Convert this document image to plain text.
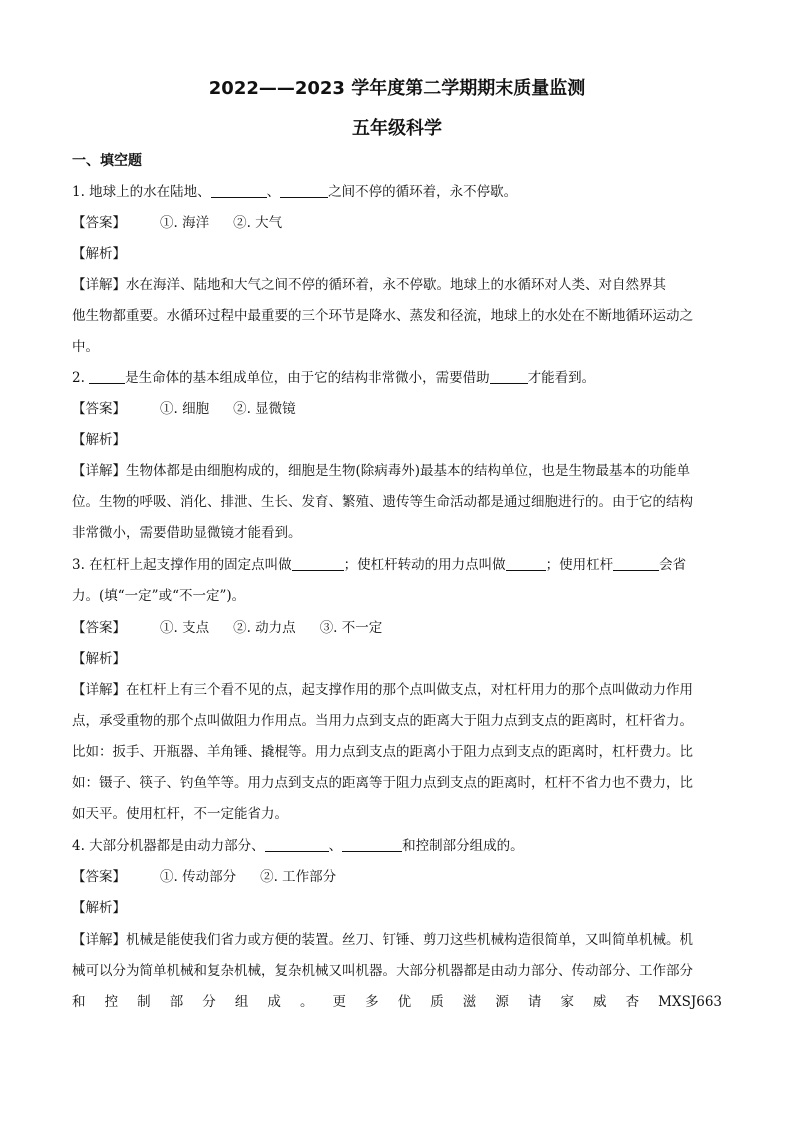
2022——2023 学年度第二学期期末质量监测
五年级科学
一、填空题
1. 地球上的水在陆地、	、	之间不停的循环着，永不停歇。
【答案】	①. 海洋 ②. 大气
【解析】
【详解】水在海洋、陆地和大气之间不停的循环着，永不停歇。地球上的水循环对人类、对自然界其
他生物都重要。水循环过程中最重要的三个环节是降水、蒸发和径流，地球上的水处在不断地循环运动之
中。
2.	是生命体的基本组成单位，由于它的结构非常微小，需要借助	才能看到。
【答案】	①. 细胞 ②. 显微镜
【解析】
【详解】生物体都是由细胞构成的，细胞是生物(除病毒外)最基本的结构单位，也是生物最基本的功能单
位。生物的呼吸、消化、排泄、生长、发育、繁殖、遗传等生命活动都是通过细胞进行的。由于它的结构
非常微小，需要借助显微镜才能看到。
3. 在杠杆上起支撑作用的固定点叫做	；使杠杆转动的用力点叫做	；使用杠杆	会省
力。(填“一定”或“不一定”)。
【答案】	①. 支点 ②. 动力点 ③. 不一定
【解析】
【详解】在杠杆上有三个看不见的点，起支撑作用的那个点叫做支点，对杠杆用力的那个点叫做动力作用
点，承受重物的那个点叫做阻力作用点。当用力点到支点的距离大于阻力点到支点的距离时，杠杆省力。
比如：扳手、开瓶器、羊角锤、撬棍等。用力点到支点的距离小于阻力点到支点的距离时，杠杆费力。比
如：镊子、筷子、钓鱼竿等。用力点到支点的距离等于阻力点到支点的距离时，杠杆不省力也不费力，比
如天平。使用杠杆，不一定能省力。
4. 大部分机器都是由动力部分、	、	和控制部分组成的。
【答案】	①. 传动部分 ②. 工作部分
【解析】
【详解】机械是能使我们省力或方便的装置。丝刀、钉锤、剪刀这些机械构造很简单，又叫简单机械。机
械可以分为简单机械和复杂机械，复杂机械又叫机器。大部分机器都是由动力部分、传动部分、工作部分
和 控 制 部 分 组 成 。 更 多 优 质 滋 源 请 家 威 杏 MXSJ663
